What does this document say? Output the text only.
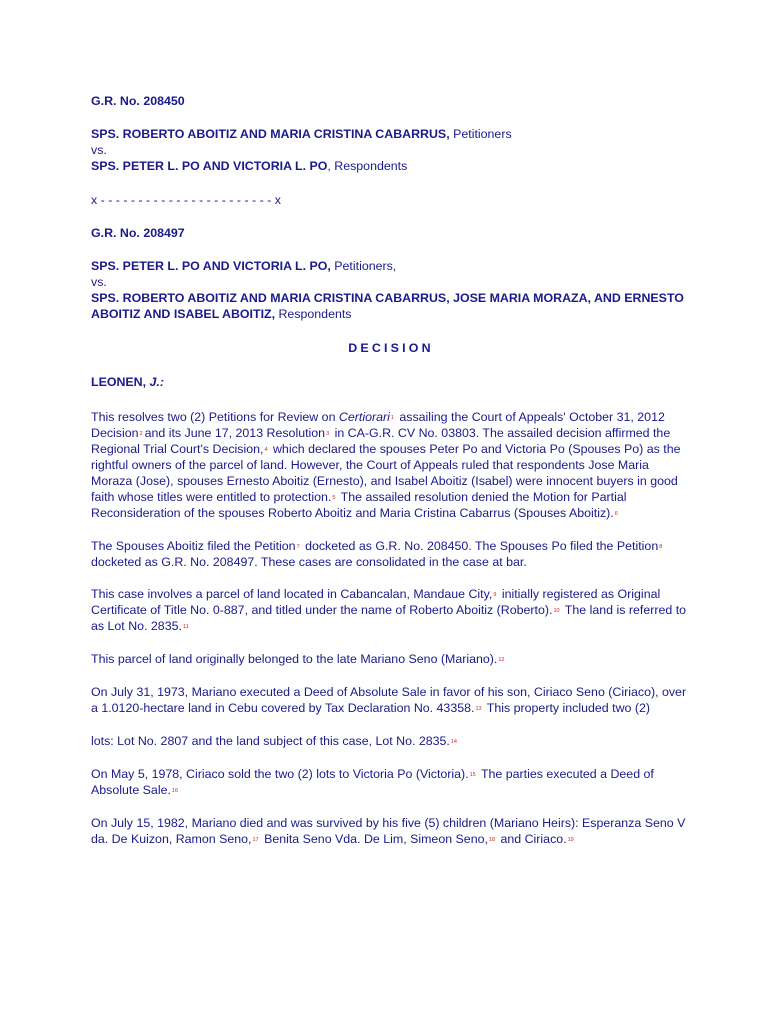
G.R. No. 208450

SPS. ROBERTO ABOITIZ AND MARIA CRISTINA CABARRUS, Petitioners

vs.

SPS. PETER L. PO AND VICTORIA L. PO, Respondents

x - - - - - - - - - - - - - - - - - - - - - - - x

G.R. No. 208497

SPS. PETER L. PO AND VICTORIA L. PO, Petitioners,

vs.

SPS. ROBERTO ABOITIZ AND MARIA CRISTINA CABARRUS, JOSE MARIA MORAZA, AND ERNESTO ABOITIZ AND ISABEL ABOITIZ, Respondents

DECISION

LEONEN, J.:

This resolves two (2) Petitions for Review on Certiorari1 assailing the Court of Appeals' October 31, 2012 Decision2 and its June 17, 2013 Resolution3 in CA-G.R. CV No. 03803. The assailed decision affirmed the Regional Trial Court's Decision,4 which declared the spouses Peter Po and Victoria Po (Spouses Po) as the rightful owners of the parcel of land. However, the Court of Appeals ruled that respondents Jose Maria Moraza (Jose), spouses Ernesto Aboitiz (Ernesto), and Isabel Aboitiz (Isabel) were innocent buyers in good faith whose titles were entitled to protection.5 The assailed resolution denied the Motion for Partial Reconsideration of the spouses Roberto Aboitiz and Maria Cristina Cabarrus (Spouses Aboitiz).6

The Spouses Aboitiz filed the Petition7 docketed as G.R. No. 208450. The Spouses Po filed the Petition8 docketed as G.R. No. 208497. These cases are consolidated in the case at bar.

This case involves a parcel of land located in Cabancalan, Mandaue City,9 initially registered as Original Certificate of Title No. 0-887, and titled under the name of Roberto Aboitiz (Roberto).10 The land is referred to as Lot No. 2835.11

This parcel of land originally belonged to the late Mariano Seno (Mariano).12

On July 31, 1973, Mariano executed a Deed of Absolute Sale in favor of his son, Ciriaco Seno (Ciriaco), over a 1.0120-hectare land in Cebu covered by Tax Declaration No. 43358.13 This property included two (2)

lots: Lot No. 2807 and the land subject of this case, Lot No. 2835.14

On May 5, 1978, Ciriaco sold the two (2) lots to Victoria Po (Victoria).15 The parties executed a Deed of Absolute Sale.16

On July 15, 1982, Mariano died and was survived by his five (5) children (Mariano Heirs): Esperanza Seno V da. De Kuizon, Ramon Seno,17 Benita Seno Vda. De Lim, Simeon Seno,18 and Ciriaco.19
